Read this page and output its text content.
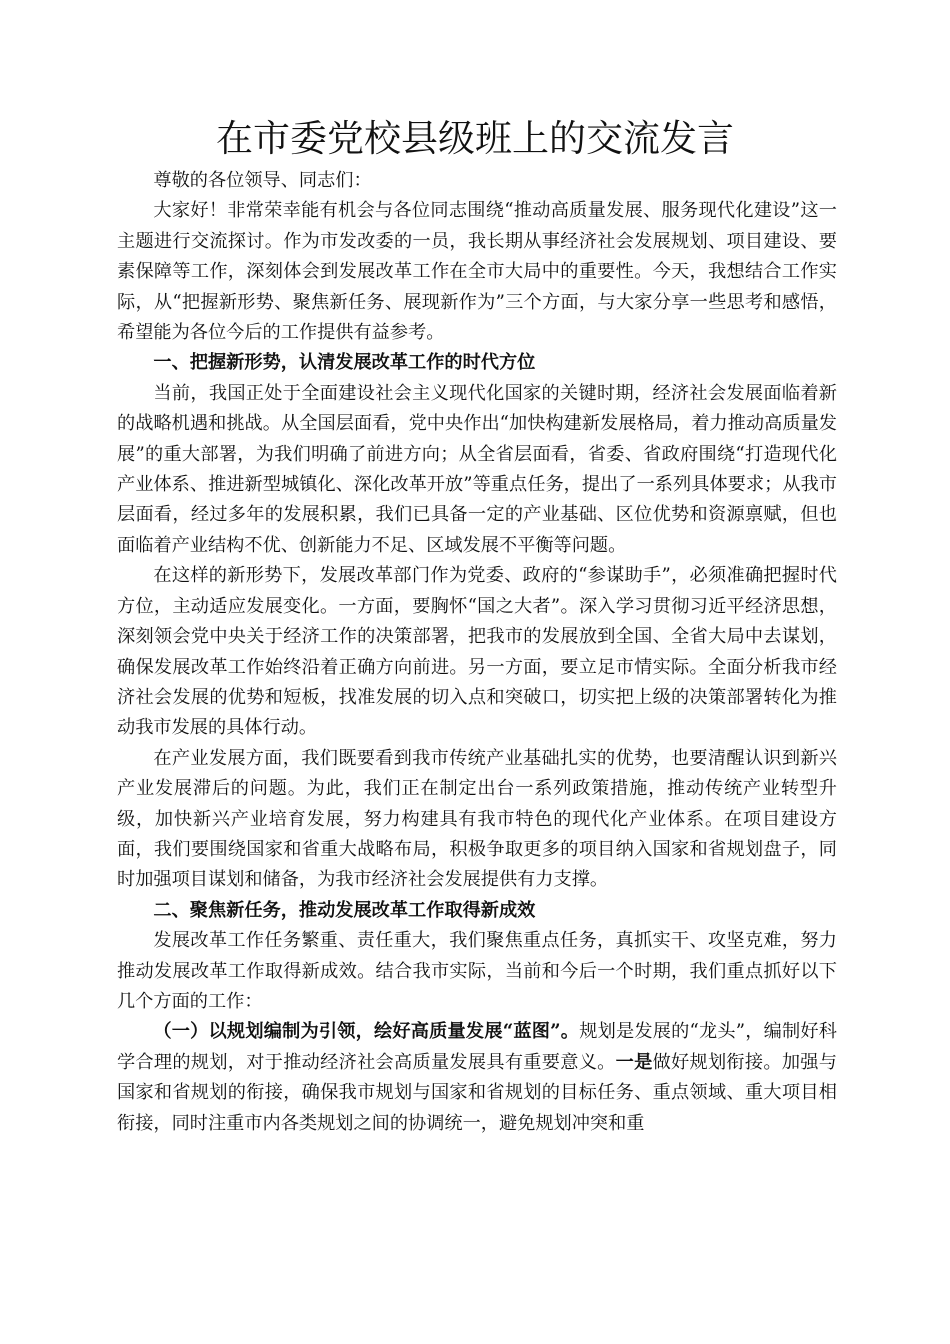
在市委党校县级班上的交流发言

尊敬的各位领导、同志们：

大家好！非常荣幸能有机会与各位同志围绕“推动高质量发展、服务现代化建设”这一主题进行交流探讨。作为市发改委的一员，我长期从事经济社会发展规划、项目建设、要素保障等工作，深刻体会到发展改革工作在全市大局中的重要性。今天，我想结合工作实际，从“把握新形势、聚焦新任务、展现新作为”三个方面，与大家分享一些思考和感悟，希望能为各位今后的工作提供有益参考。

一、把握新形势，认清发展改革工作的时代方位

当前，我国正处于全面建设社会主义现代化国家的关键时期，经济社会发展面临着新的战略机遇和挑战。从全国层面看，党中央作出“加快构建新发展格局，着力推动高质量发展”的重大部署，为我们明确了前进方向；从全省层面看，省委、省政府围绕“打造现代化产业体系、推进新型城镇化、深化改革开放”等重点任务，提出了一系列具体要求；从我市层面看，经过多年的发展积累，我们已具备一定的产业基础、区位优势和资源禀赋，但也面临着产业结构不优、创新能力不足、区域发展不平衡等问题。

在这样的新形势下，发展改革部门作为党委、政府的“参谋助手”，必须准确把握时代方位，主动适应发展变化。一方面，要胸怀“国之大者”。深入学习贯彻习近平经济思想，深刻领会党中央关于经济工作的决策部署，把我市的发展放到全国、全省大局中去谋划，确保发展改革工作始终沿着正确方向前进。另一方面，要立足市情实际。全面分析我市经济社会发展的优势和短板，找准发展的切入点和突破口，切实把上级的决策部署转化为推动我市发展的具体行动。

在产业发展方面，我们既要看到我市传统产业基础扎实的优势，也要清醒认识到新兴产业发展滞后的问题。为此，我们正在制定出台一系列政策措施，推动传统产业转型升级，加快新兴产业培育发展，努力构建具有我市特色的现代化产业体系。在项目建设方面，我们要围绕国家和省重大战略布局，积极争取更多的项目纳入国家和省规划盘子，同时加强项目谋划和储备，为我市经济社会发展提供有力支撑。

二、聚焦新任务，推动发展改革工作取得新成效

发展改革工作任务繁重、责任重大，我们聚焦重点任务，真抓实干、攻坚克难，努力推动发展改革工作取得新成效。结合我市实际，当前和今后一个时期，我们重点抓好以下几个方面的工作：

（一）以规划编制为引领，绘好高质量发展“蓝图”。规划是发展的“龙头”，编制好科学合理的规划，对于推动经济社会高质量发展具有重要意义。一是做好规划衔接。加强与国家和省规划的衔接，确保我市规划与国家和省规划的目标任务、重点领域、重大项目相衔接，同时注重市内各类规划之间的协调统一，避免规划冲突和重
